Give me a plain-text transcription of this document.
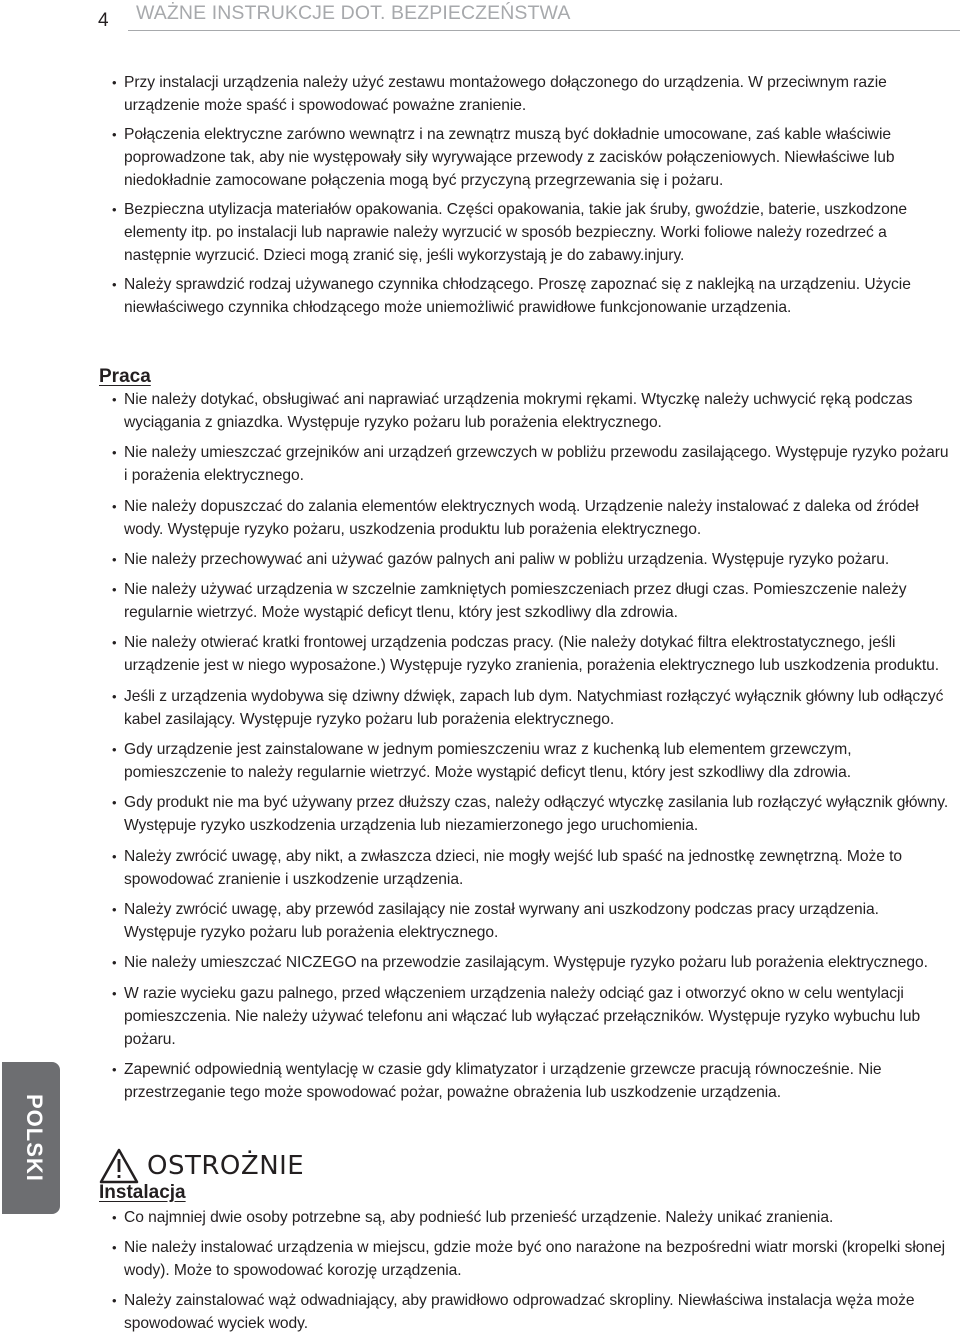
4 WAŻNE INSTRUKCJE DOT. BEZPIECZEŃSTWA
• Przy instalacji urządzenia należy użyć zestawu montażowego dołączonego do urządzenia. W przeciwnym razie urządzenie może spaść i spowodować poważne zranienie.
• Połączenia elektryczne zarówno wewnątrz i na zewnątrz muszą być dokładnie umocowane, zaś kable właściwie poprowadzone tak, aby nie występowały siły wyrywające przewody z zacisków połączeniowych. Niewłaściwe lub niedokładnie zamocowane połączenia mogą być przyczyną przegrzewania się i pożaru.
• Bezpieczna utylizacja materiałów opakowania. Części opakowania, takie jak śruby, gwoździe, baterie, uszkodzone elementy itp. po instalacji lub naprawie należy wyrzucić w sposób bezpieczny. Worki foliowe należy rozedrzeć a następnie wyrzucić. Dzieci mogą zranić się, jeśli wykorzystają je do zabawy.injury.
• Należy sprawdzić rodzaj używanego czynnika chłodzącego. Proszę zapoznać się z naklejką na urządzeniu. Użycie niewłaściwego czynnika chłodzącego może uniemożliwić prawidłowe funkcjonowanie urządzenia.
Praca
• Nie należy dotykać, obsługiwać ani naprawiać urządzenia mokrymi rękami. Wtyczkę należy uchwycić ręką podczas wyciągania z gniazdka. Występuje ryzyko pożaru lub porażenia elektrycznego.
• Nie należy umieszczać grzejników ani urządzeń grzewczych w pobliżu przewodu zasilającego. Występuje ryzyko pożaru i porażenia elektrycznego.
• Nie należy dopuszczać do zalania elementów elektrycznych wodą. Urządzenie należy instalować z daleka od źródeł wody. Występuje ryzyko pożaru, uszkodzenia produktu lub porażenia elektrycznego.
• Nie należy przechowywać ani używać gazów palnych ani paliw w pobliżu urządzenia. Występuje ryzyko pożaru.
• Nie należy używać urządzenia w szczelnie zamkniętych pomieszczeniach przez długi czas. Pomieszczenie należy regularnie wietrzyć. Może wystąpić deficyt tlenu, który jest szkodliwy dla zdrowia.
• Nie należy otwierać kratki frontowej urządzenia podczas pracy. (Nie należy dotykać filtra elektrostatycznego, jeśli urządzenie jest w niego wyposażone.) Występuje ryzyko zranienia, porażenia elektrycznego lub uszkodzenia produktu.
• Jeśli z urządzenia wydobywa się dziwny dźwięk, zapach lub dym. Natychmiast rozłączyć wyłącznik główny lub odłączyć kabel zasilający. Występuje ryzyko pożaru lub porażenia elektrycznego.
• Gdy urządzenie jest zainstalowane w jednym pomieszczeniu wraz z kuchenką lub elementem grzewczym, pomieszczenie to należy regularnie wietrzyć. Może wystąpić deficyt tlenu, który jest szkodliwy dla zdrowia.
• Gdy produkt nie ma być używany przez dłuższy czas, należy odłączyć wtyczkę zasilania lub rozłączyć wyłącznik główny. Występuje ryzyko uszkodzenia urządzenia lub niezamierzonego jego uruchomienia.
• Należy zwrócić uwagę, aby nikt, a zwłaszcza dzieci, nie mogły wejść lub spaść na jednostkę zewnętrzną. Może to spowodować zranienie i uszkodzenie urządzenia.
• Należy zwrócić uwagę, aby przewód zasilający nie został wyrwany ani uszkodzony podczas pracy urządzenia. Występuje ryzyko pożaru lub porażenia elektrycznego.
• Nie należy umieszczać NICZEGO na przewodzie zasilającym. Występuje ryzyko pożaru lub porażenia elektrycznego.
• W razie wycieku gazu palnego, przed włączeniem urządzenia należy odciąć gaz i otworzyć okno w celu wentylacji pomieszczenia. Nie należy używać telefonu ani włączać lub wyłączać przełączników. Występuje ryzyko wybuchu lub pożaru.
• Zapewnić odpowiednią wentylację w czasie gdy klimatyzator i urządzenie grzewcze pracują równocześnie. Nie przestrzeganie tego może spowodować pożar, poważne obrażenia lub uszkodzenie urządzenia.
OSTROŻNIE
Instalacja
• Co najmniej dwie osoby potrzebne są, aby podnieść lub przenieść urządzenie. Należy unikać zranienia.
• Nie należy instalować urządzenia w miejscu, gdzie może być ono narażone na bezpośredni wiatr morski (kropelki słonej wody). Może to spowodować korozję urządzenia.
• Należy zainstalować wąż odwadniający, aby prawidłowo odprowadzać skropliny. Niewłaściwa instalacja węża może spowodować wyciek wody.
POLSKI
